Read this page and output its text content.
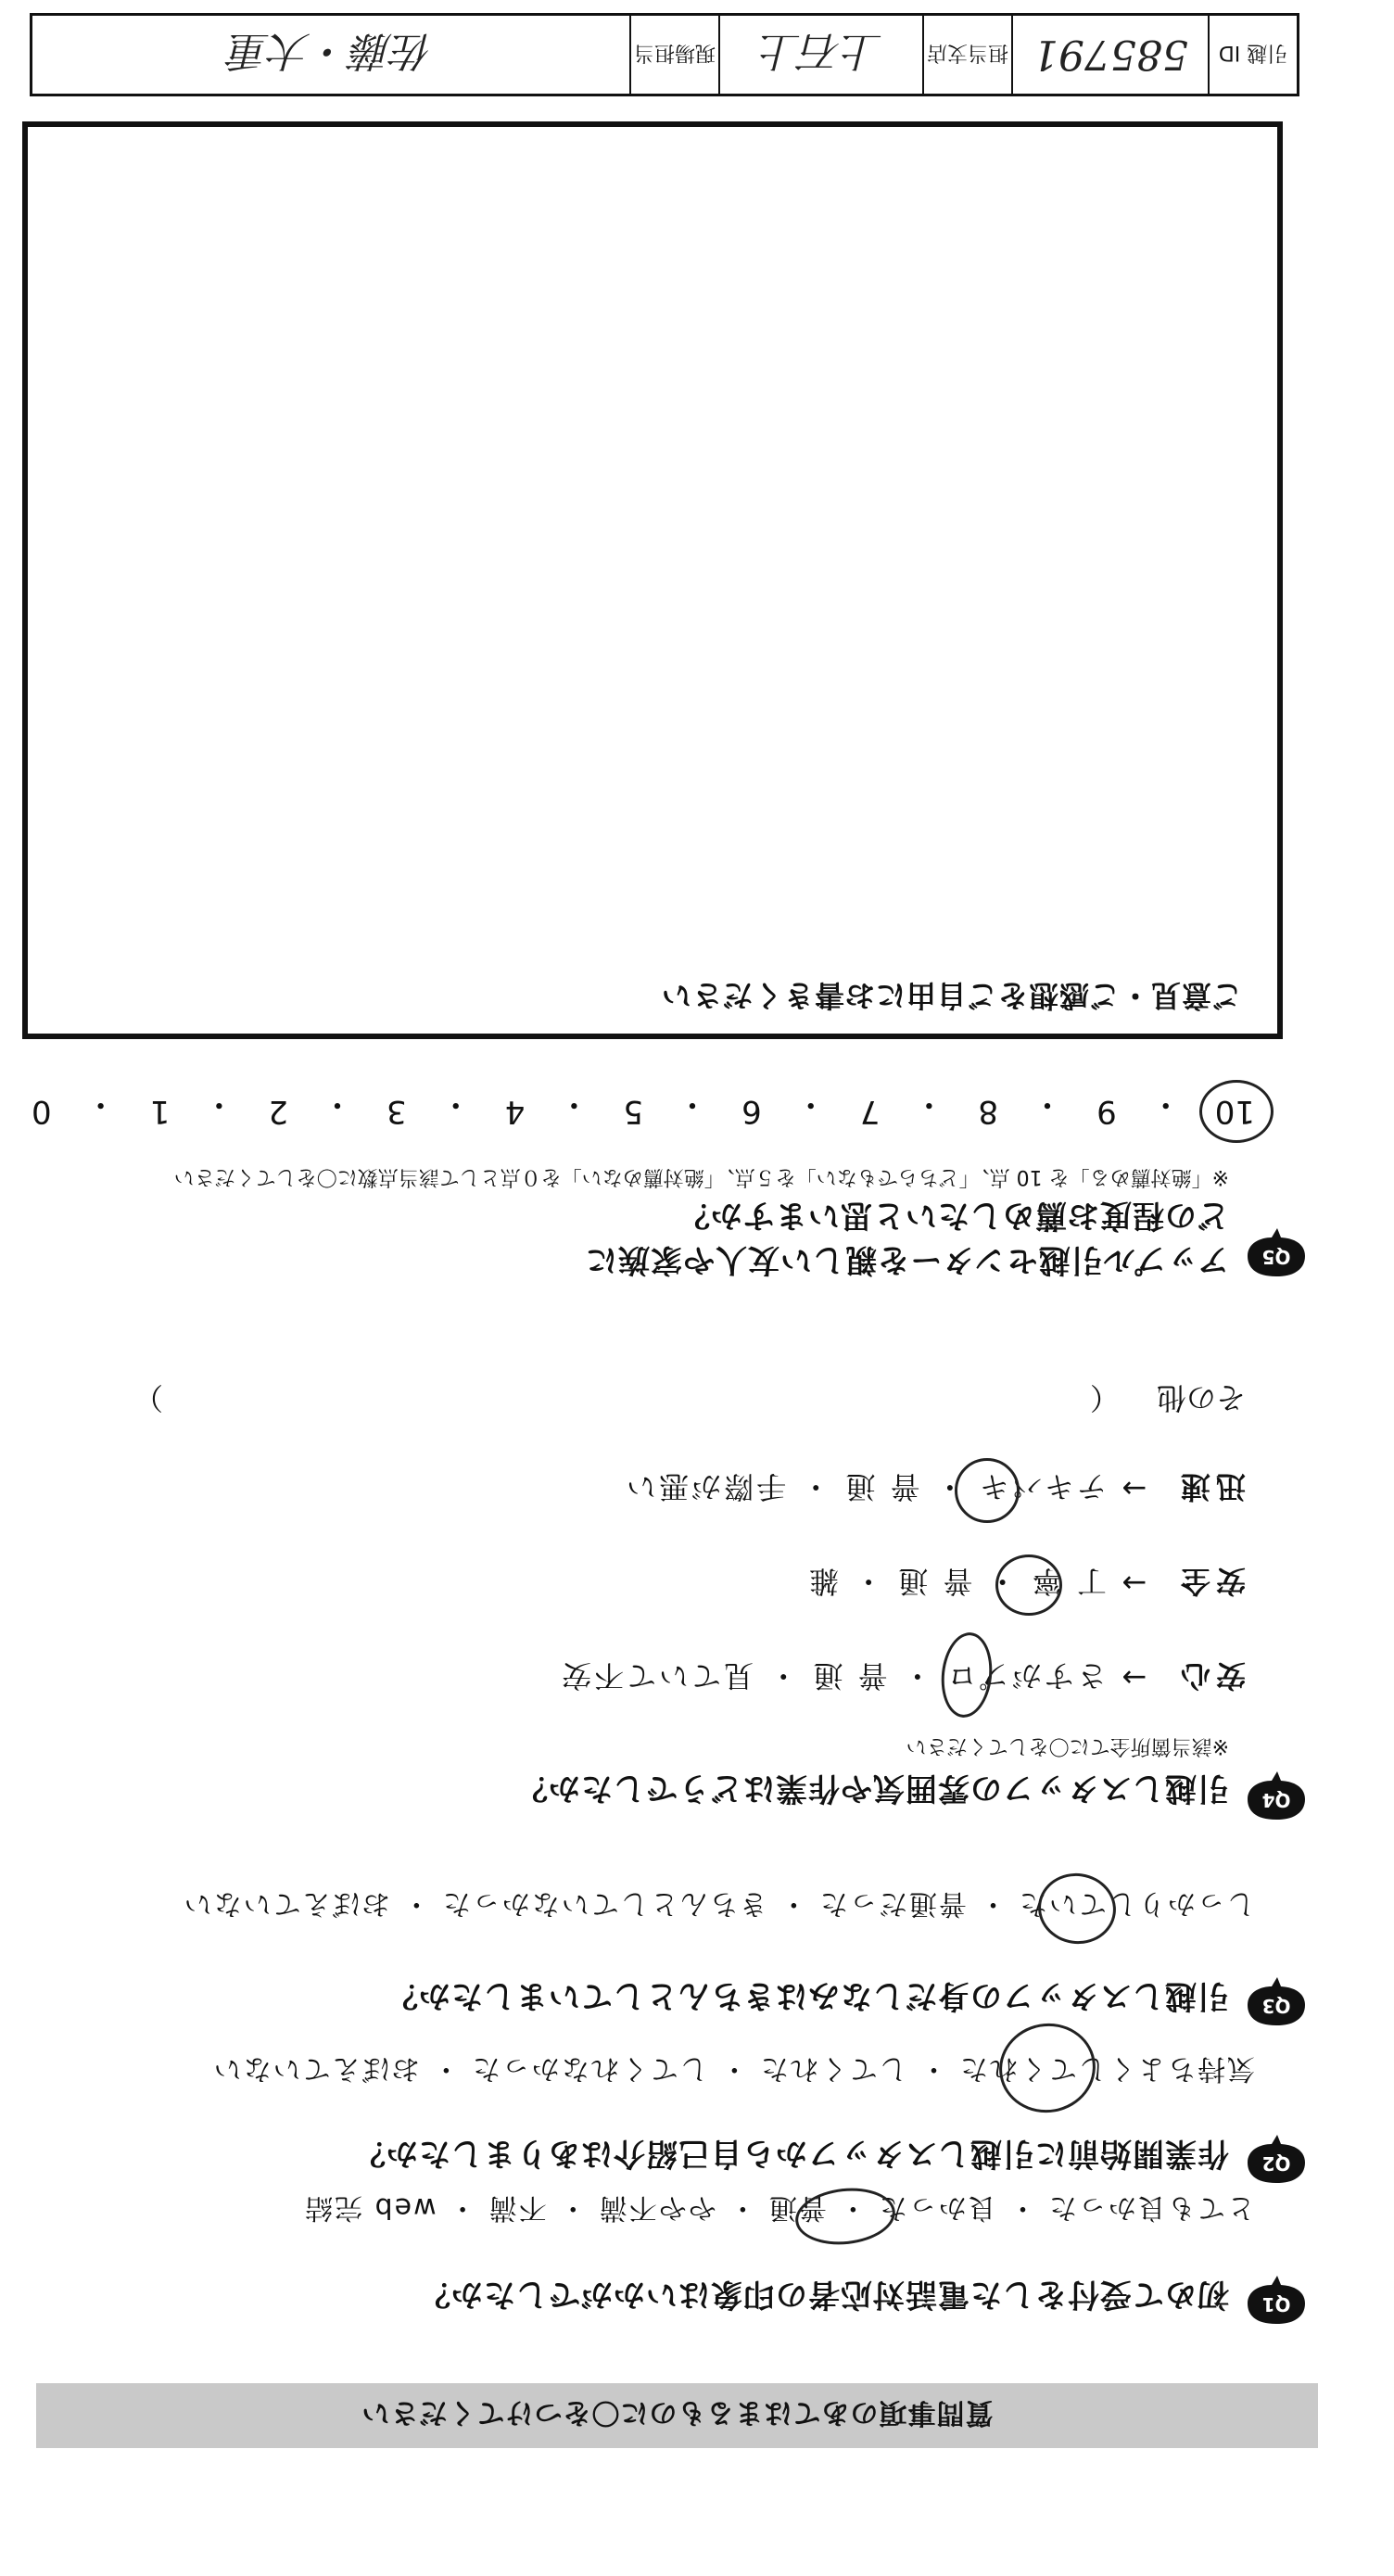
質問事項のあてはまるものに〇をつけてください
Q1
初めて受付をした電話対応者の印象はいかがでしたか？
とても良かった ・ 良かった ・ 普通 ・ やや不満 ・ 不満 ・ web 完結
Q2
作業開始前に引越しスタッフから自己紹介はありましたか？
気持ちよくしてくれた ・ してくれた ・ してくれなかった ・ おぼえていない
Q3
引越しスタッフの身だしなみはきちんとしていましたか？
しっかりしていた ・ 普通だった ・ きちんとしていなかった ・ おぼえていない
Q4
引越しスタッフの雰囲気や作業はどうでしたか？
※該当箇所全てに〇をしてください
安心
→
さすがプロ ・ 普 通 ・ 見ていて不安
安全
→
丁 寧 ・ 普 通 ・ 雑
迅速
→
テキパキ ・ 普 通 ・ 手際が悪い
その他
（
）
Q5
アップル引越センターを親しい友人や家族に
どの程度お薦めしたいと思いますか？
※「絶対薦める」を 10 点、「どちらでもない」を５点、「絶対薦めない」を０点として該当点数に〇をしてください
10
・
9
・
8
・
7
・
6
・
5
・
4
・
3
・
2
・
1
・
0
ご意見・ご感想をご自由にお書きください
引越 ID
585791
担当支店
上石上
現場担当
佐藤・大重
